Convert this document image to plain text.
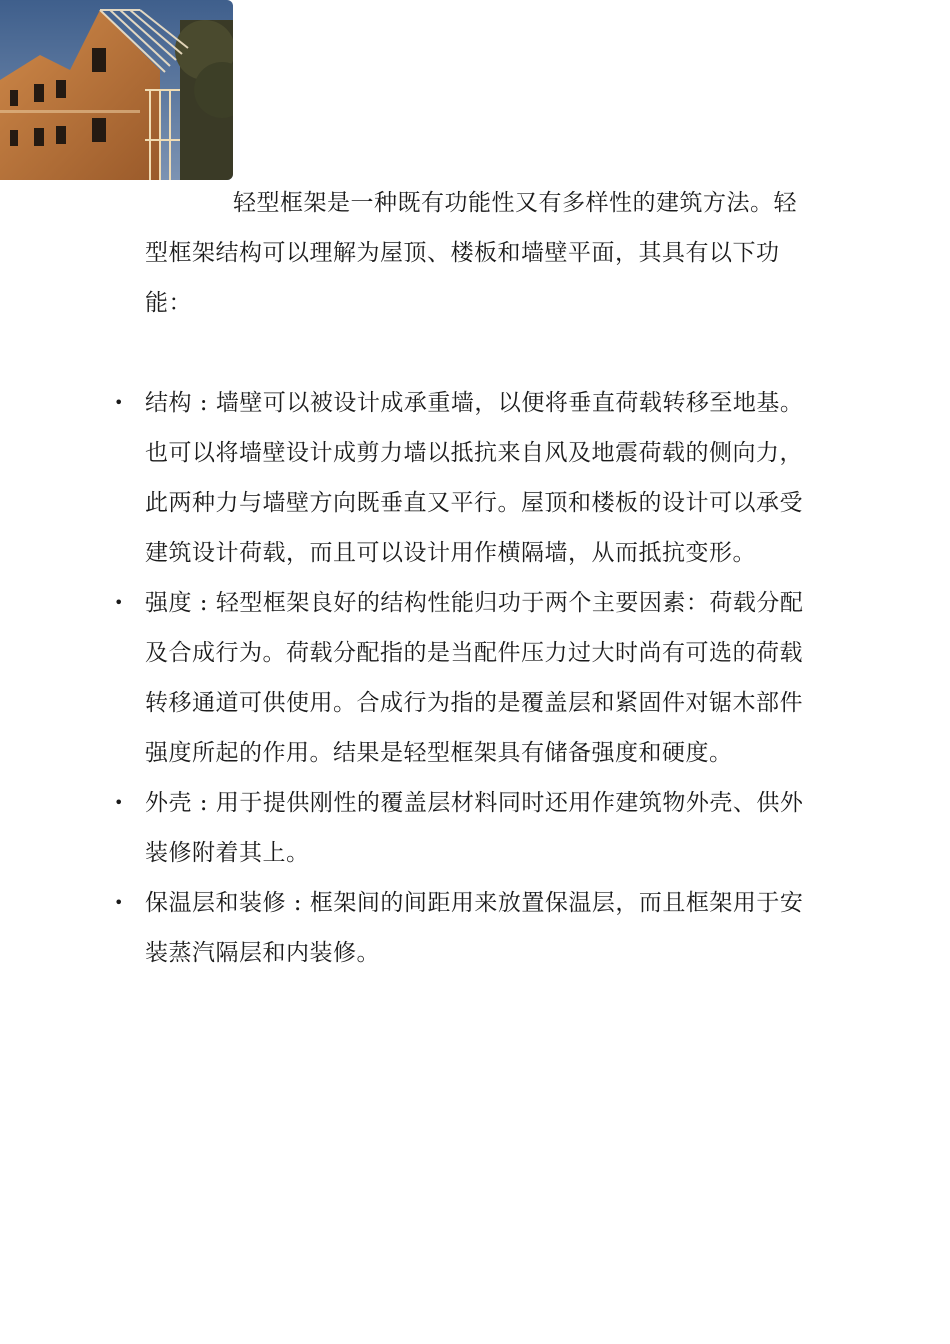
轻型框架是一种既有功能性又有多样性的建筑方法。轻型框架结构可以理解为屋顶、楼板和墙壁平面，其具有以下功能：

• 结构 : 墙壁可以被设计成承重墙，以便将垂直荷载转移至地基。也可以将墙壁设计成剪力墙以抵抗来自风及地震荷载的侧向力，此两种力与墙壁方向既垂直又平行。屋顶和楼板的设计可以承受建筑设计荷载，而且可以设计用作横隔墙，从而抵抗变形。
• 强度 : 轻型框架良好的结构性能归功于两个主要因素：荷载分配及合成行为。荷载分配指的是当配件压力过大时尚有可选的荷载转移通道可供使用。合成行为指的是覆盖层和紧固件对锯木部件强度所起的作用。结果是轻型框架具有储备强度和硬度。
• 外壳 : 用于提供刚性的覆盖层材料同时还用作建筑物外壳、供外装修附着其上。
• 保温层和装修 : 框架间的间距用来放置保温层，而且框架用于安装蒸汽隔层和内装修。
